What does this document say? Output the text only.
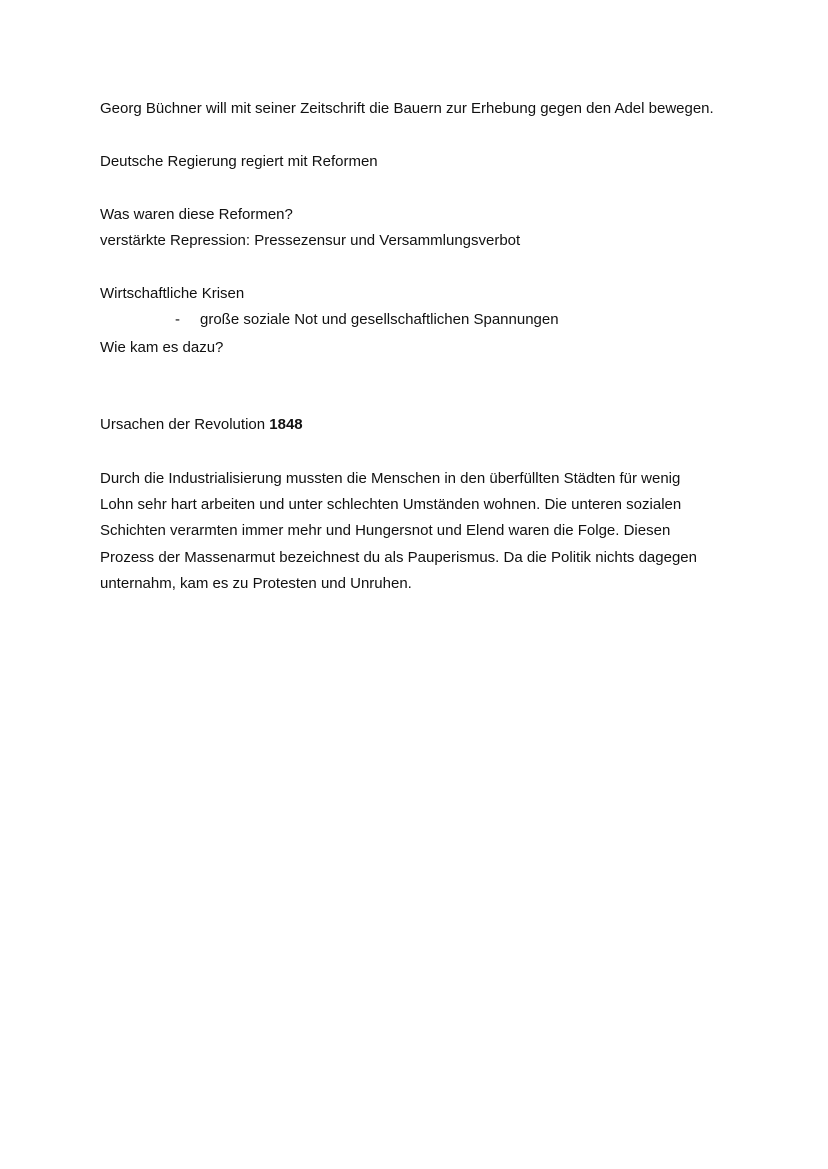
Georg Büchner will mit seiner Zeitschrift die Bauern zur Erhebung gegen den Adel bewegen.
Deutsche Regierung regiert mit Reformen
Was waren diese Reformen?
verstärkte Repression: Pressezensur und Versammlungsverbot
Wirtschaftliche Krisen
- große soziale Not und gesellschaftlichen Spannungen
Wie kam es dazu?
Ursachen der Revolution 1848
Durch die Industrialisierung mussten die Menschen in den überfüllten Städten für wenig
Lohn sehr hart arbeiten und unter schlechten Umständen wohnen. Die unteren sozialen
Schichten verarmten immer mehr und Hungersnot und Elend waren die Folge. Diesen
Prozess der Massenarmut bezeichnest du als Pauperismus. Da die Politik nichts dagegen
unternahm, kam es zu Protesten und Unruhen.
